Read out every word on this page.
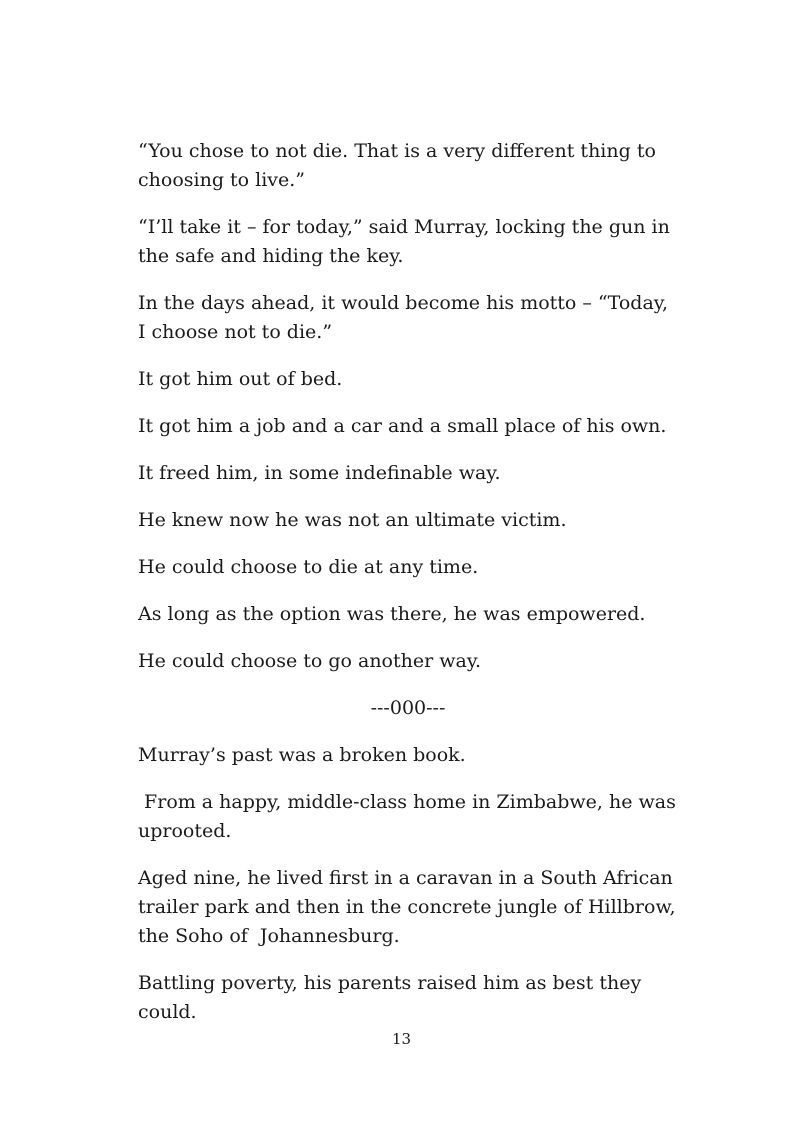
“You chose to not die. That is a very different thing to choosing to live.”

“I’ll take it – for today,” said Murray, locking the gun in the safe and hiding the key.

In the days ahead, it would become his motto – “Today, I choose not to die.”

It got him out of bed.

It got him a job and a car and a small place of his own.

It freed him, in some indefinable way.

He knew now he was not an ultimate victim.

He could choose to die at any time.

As long as the option was there, he was empowered.

He could choose to go another way.

---000---

Murray’s past was a broken book.

From a happy, middle-class home in Zimbabwe, he was uprooted.

Aged nine, he lived first in a caravan in a South African trailer park and then in the concrete jungle of Hillbrow, the Soho of  Johannesburg.

Battling poverty, his parents raised him as best they could.

13
